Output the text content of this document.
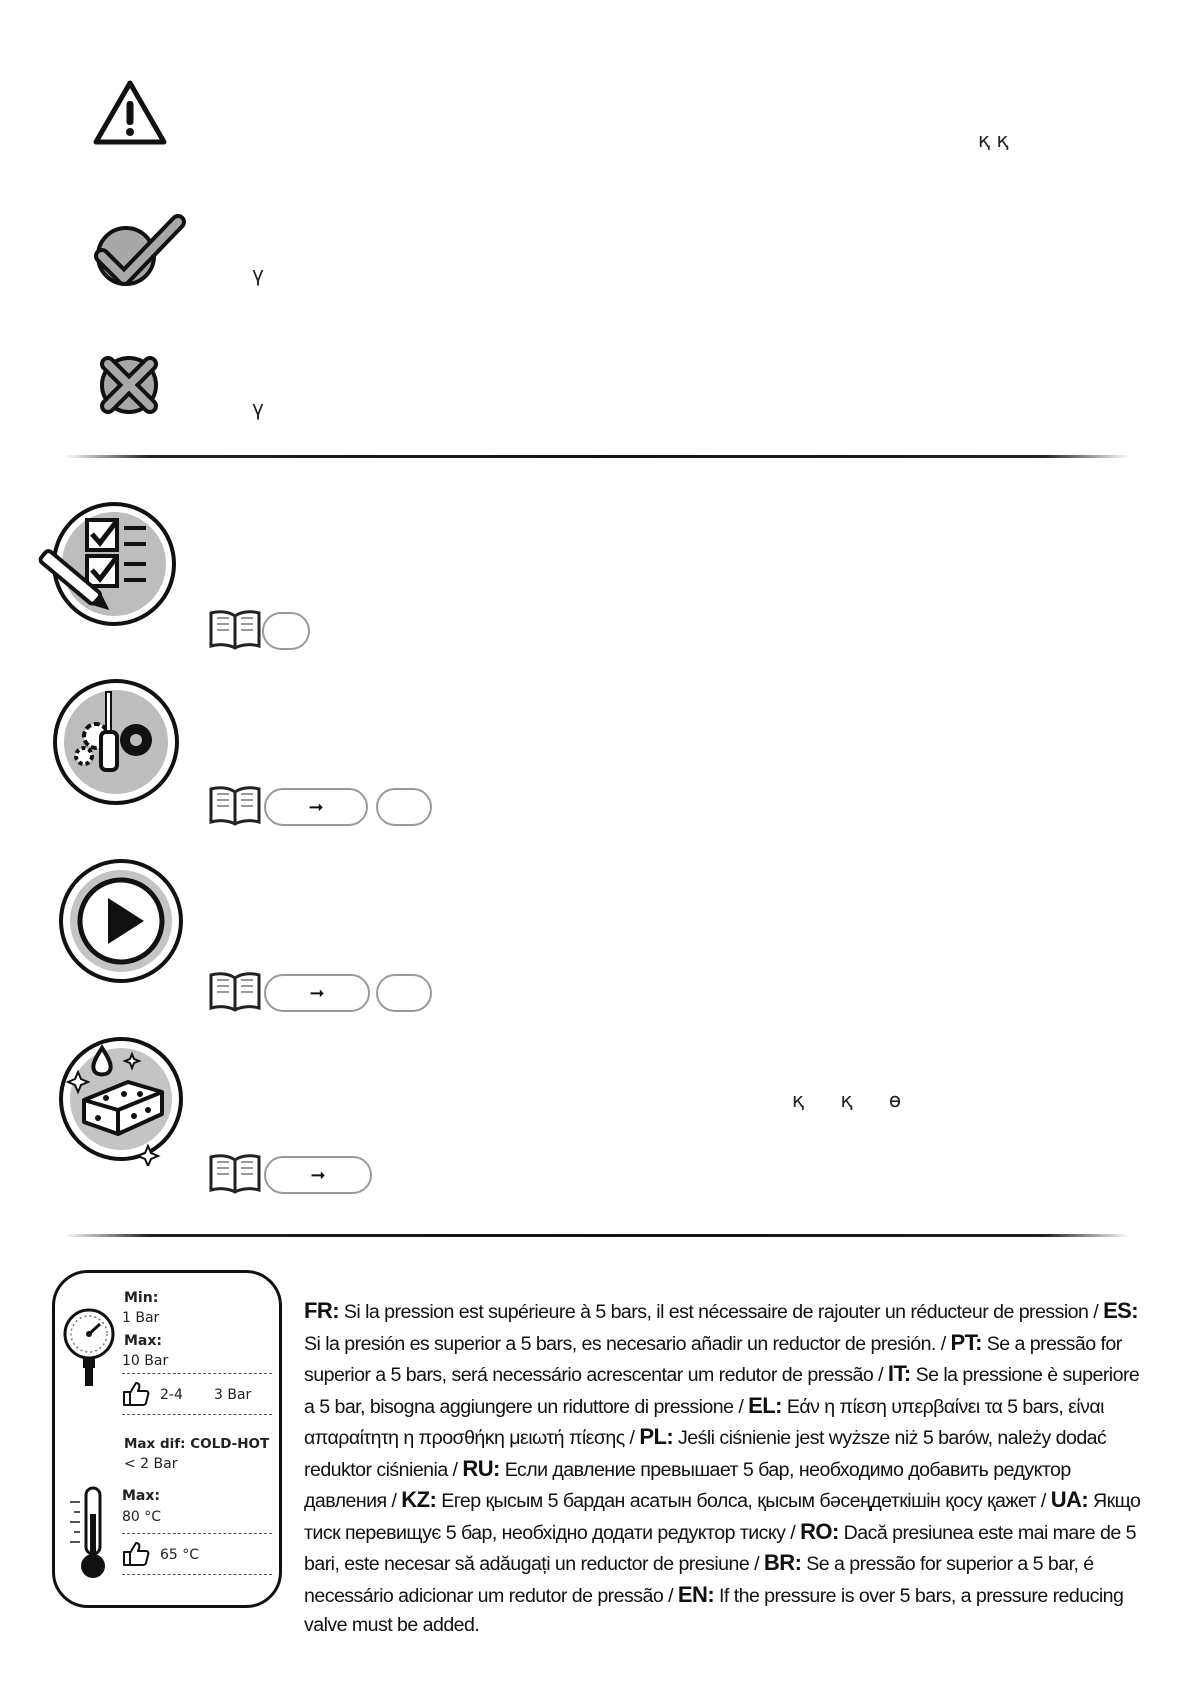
қ қ
ү
ү
➞
➞
қ қ ө
➞
Min:
1 Bar
Max:
10 Bar
2-4 3 Bar
Max dif: COLD-HOT
< 2 Bar
Max:
80 °C
65 °C
FR: Si la pression est supérieure à 5 bars, il est nécessaire de rajouter un réducteur de pression / ES: Si la presión es superior a 5 bars, es necesario añadir un reductor de presión. / PT: Se a pressão for superior a 5 bars, será necessário acrescentar um redutor de pressão / IT: Se la pressione è superiore a 5 bar, bisogna aggiungere un riduttore di pressione / EL: Εάν η πίεση υπερβαίνει τα 5 bars, είναι απαραίτητη η προσθήκη μειωτή πίεσης / PL: Jeśli ciśnienie jest wyższe niż 5 barów, należy dodać reduktor ciśnienia / RU: Если давление превышает 5 бар, необходимо добавить редуктор давления / KZ: Егер қысым 5 бардан асатын болса, қысым бәсеңдеткішін қосу қажет / UA: Якщо тиск перевищує 5 бар, необхідно додати редуктор тиску / RO: Dacă presiunea este mai mare de 5 bari, este necesar să adăugați un reductor de presiune / BR: Se a pressão for superior a 5 bar, é necessário adicionar um redutor de pressão / EN: If the pressure is over 5 bars, a pressure reducing valve must be added.
